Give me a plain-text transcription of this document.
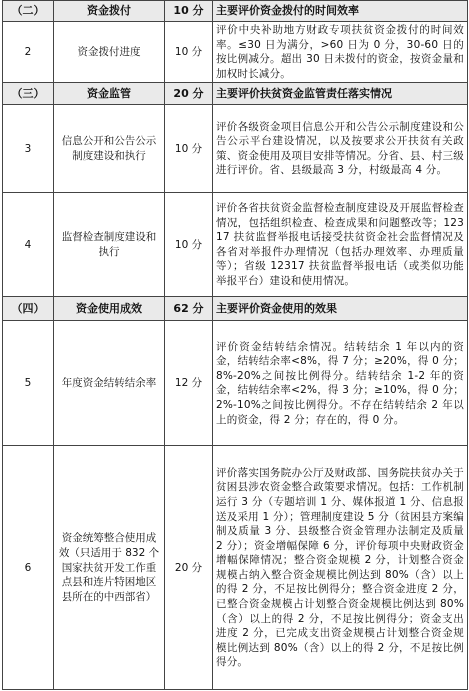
（二）	资金拨付	10 分	主要评价资金拨付的时间效率
2	资金拨付进度	10 分	评价中央补助地方财政专项扶贫资金拨付的时间效率。≤30 日为满分，>60 日为 0 分，30-60 日的按比例减分。超出 30 日未拨付的资金，按资金量和加权时长减分。
（三）	资金监管	20 分	主要评价扶贫资金监管责任落实情况
3	信息公开和公告公示制度建设和执行	10 分	评价各级资金项目信息公开和公告公示制度建设和公告公示平台建设情况，以及按要求公开扶贫有关政策、资金使用及项目安排等情况。分省、县、村三级进行评价。省、县级最高 3 分，村级最高 4 分。
4	监督检查制度建设和执行	10 分	评价各省扶贫资金监督检查制度建设及开展监督检查情况，包括组织检查、检查成果和问题整改等；12317 扶贫监督举报电话接受扶贫资金社会监督情况及各省对举报件办理情况（包括办理效率、办理质量等）；省级 12317 扶贫监督举报电话（或类似功能举报平台）建设和使用情况。
（四）	资金使用成效	62 分	主要评价资金使用的效果
5	年度资金结转结余率	12 分	评价资金结转结余情况。结转结余 1 年以内的资金，结转结余率<8%，得 7 分；≥20%，得 0 分；8%-20%之间按比例得分。结转结余 1-2 年的资金，结转结余率<2%，得 3 分；≥10%，得 0 分；2%-10%之间按比例得分。不存在结转结余 2 年以上的资金，得 2 分；存在的，得 0 分。
6	资金统筹整合使用成效（只适用于 832 个国家扶贫开发工作重点县和连片特困地区县所在的中西部省）	20 分	评价落实国务院办公厅及财政部、国务院扶贫办关于贫困县涉农资金整合政策要求情况。包括：工作机制运行 3 分（专题培训 1 分、媒体报道 1 分、信息报送及采用 1 分）；管理制度建设 5 分（贫困县方案编制及质量 3 分、县级整合资金管理办法制定及质量 2 分）；资金增幅保障 6 分，评价每项中央财政资金增幅保障情况；整合资金规模 2 分，计划整合资金规模占纳入整合资金规模比例达到 80%（含）以上的得 2 分，不足按比例得分；整合资金进度 2 分，已整合资金规模占计划整合资金规模比例达到 80%（含）以上的得 2 分，不足按比例得分；资金支出进度 2 分，已完成支出资金规模占计划整合资金规模比例达到 80%（含）以上的得 2 分，不足按比例得分。
